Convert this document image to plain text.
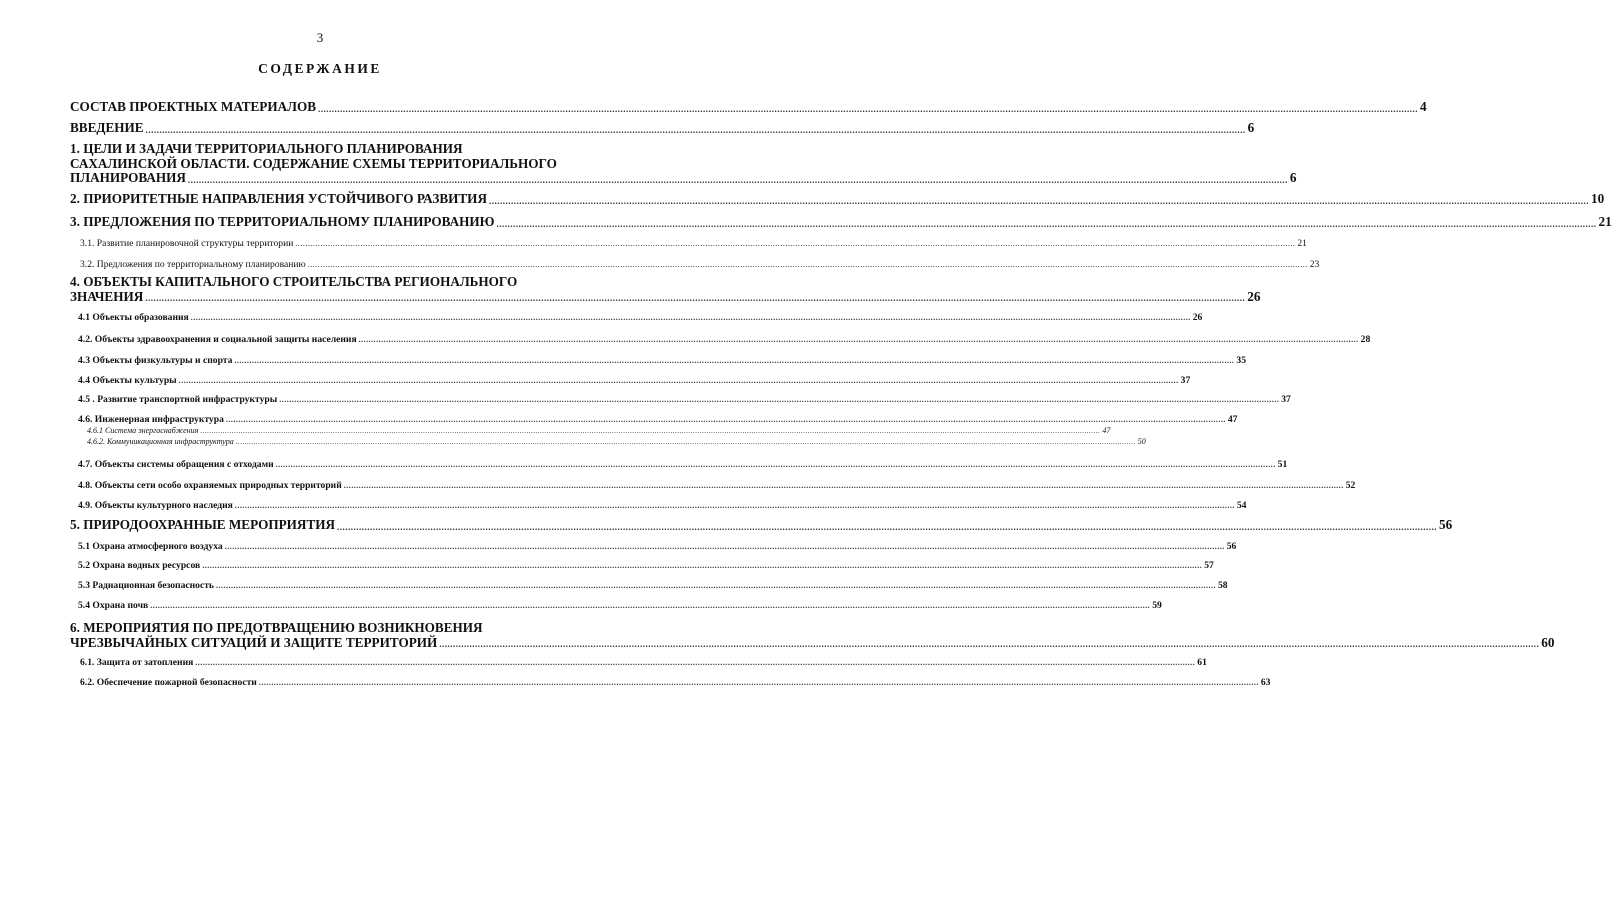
3
СОДЕРЖАНИЕ
СОСТАВ ПРОЕКТНЫХ МАТЕРИАЛОВ ................................................................................................................................................................................................................................................................................................................................................................................................................ 4
ВВЕДЕНИЕ ................................................................................................................................................................................................................................................................................................................................................................................................................ 6
1. ЦЕЛИ И ЗАДАЧИ ТЕРРИТОРИАЛЬНОГО ПЛАНИРОВАНИЯ
САХАЛИНСКОЙ ОБЛАСТИ. СОДЕРЖАНИЕ СХЕМЫ ТЕРРИТОРИАЛЬНОГО
ПЛАНИРОВАНИЯ ................................................................................................................................................................................................................................................................................................................................................................................................................ 6
2. ПРИОРИТЕТНЫЕ НАПРАВЛЕНИЯ УСТОЙЧИВОГО РАЗВИТИЯ ................................................................................................................................................................................................................................................................................................................................................................................................................ 10
3. ПРЕДЛОЖЕНИЯ ПО ТЕРРИТОРИАЛЬНОМУ ПЛАНИРОВАНИЮ ................................................................................................................................................................................................................................................................................................................................................................................................................ 21
3.1. Развитие планировочной структуры территории ................................................................................................................................................................................................................................................................................................................................................................................................................ 21
3.2. Предложения по территориальному планированию ................................................................................................................................................................................................................................................................................................................................................................................................................ 23
4. ОБЪЕКТЫ КАПИТАЛЬНОГО СТРОИТЕЛЬСТВА РЕГИОНАЛЬНОГО
ЗНАЧЕНИЯ ................................................................................................................................................................................................................................................................................................................................................................................................................ 26
4.1 Объекты образования ................................................................................................................................................................................................................................................................................................................................................................................................................ 26
4.2. Объекты здравоохранения и социальной защиты населения ................................................................................................................................................................................................................................................................................................................................................................................................................ 28
4.3 Объекты физкультуры и спорта ................................................................................................................................................................................................................................................................................................................................................................................................................ 35
4.4 Объекты культуры ................................................................................................................................................................................................................................................................................................................................................................................................................ 37
4.5 . Развитие транспортной инфраструктуры ................................................................................................................................................................................................................................................................................................................................................................................................................ 37
4.6. Инженерная инфраструктура ................................................................................................................................................................................................................................................................................................................................................................................................................ 47
4.6.1 Система энергоснабжения ................................................................................................................................................................................................................................................................................................................................................................................................................ 47
4.6.2. Коммуникационная инфраструктура ................................................................................................................................................................................................................................................................................................................................................................................................................ 50
4.7. Объекты системы обращения с отходами ................................................................................................................................................................................................................................................................................................................................................................................................................ 51
4.8. Объекты сети особо охраняемых природных территорий ................................................................................................................................................................................................................................................................................................................................................................................................................ 52
4.9. Объекты культурного наследия ................................................................................................................................................................................................................................................................................................................................................................................................................ 54
5. ПРИРОДООХРАННЫЕ МЕРОПРИЯТИЯ ................................................................................................................................................................................................................................................................................................................................................................................................................ 56
5.1 Охрана атмосферного воздуха ................................................................................................................................................................................................................................................................................................................................................................................................................ 56
5.2 Охрана водных ресурсов ................................................................................................................................................................................................................................................................................................................................................................................................................ 57
5.3 Радиационная безопасность ................................................................................................................................................................................................................................................................................................................................................................................................................ 58
5.4 Охрана почв ................................................................................................................................................................................................................................................................................................................................................................................................................ 59
6. МЕРОПРИЯТИЯ ПО ПРЕДОТВРАЩЕНИЮ ВОЗНИКНОВЕНИЯ
ЧРЕЗВЫЧАЙНЫХ СИТУАЦИЙ И ЗАЩИТЕ ТЕРРИТОРИЙ ................................................................................................................................................................................................................................................................................................................................................................................................................ 60
6.1. Защита от затопления ................................................................................................................................................................................................................................................................................................................................................................................................................ 61
6.2. Обеспечение пожарной безопасности ................................................................................................................................................................................................................................................................................................................................................................................................................ 63
